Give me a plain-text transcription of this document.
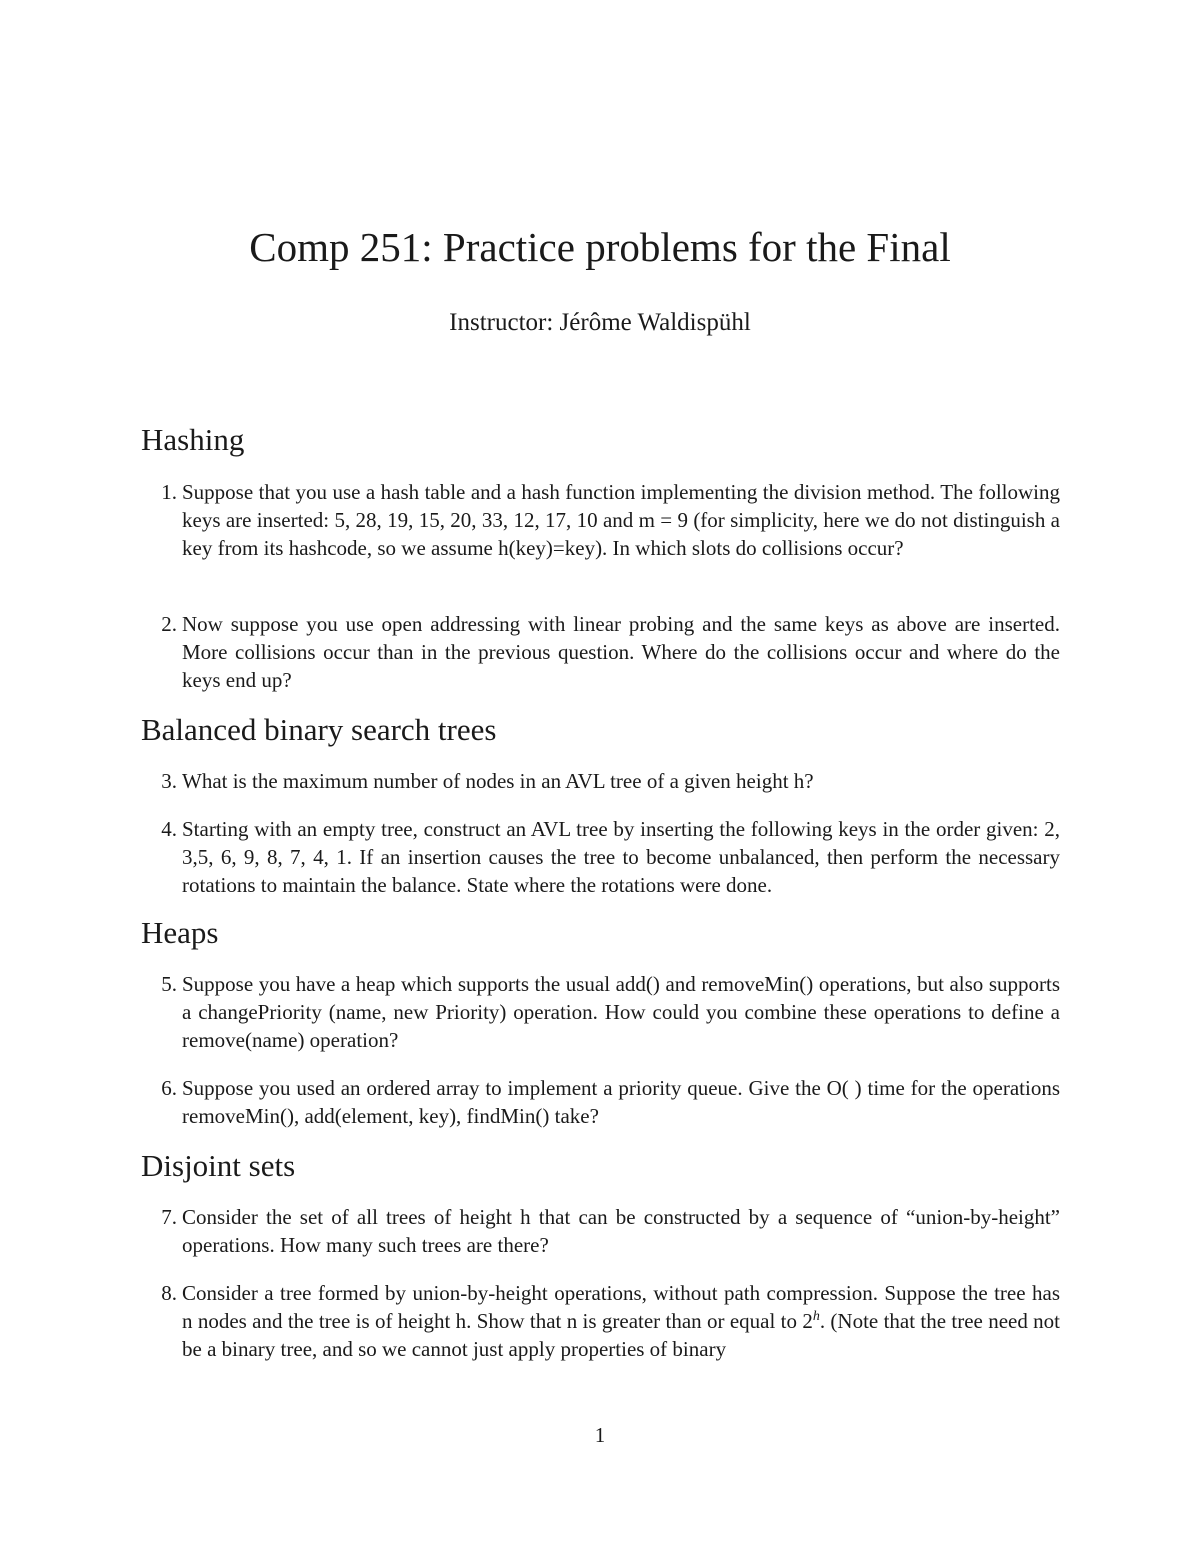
Comp 251: Practice problems for the Final
Instructor: Jérôme Waldispühl
Hashing
1. Suppose that you use a hash table and a hash function implementing the division method. The following keys are inserted: 5, 28, 19, 15, 20, 33, 12, 17, 10 and m = 9 (for simplicity, here we do not distinguish a key from its hashcode, so we assume h(key)=key). In which slots do collisions occur?
2. Now suppose you use open addressing with linear probing and the same keys as above are inserted. More collisions occur than in the previous question. Where do the collisions occur and where do the keys end up?
Balanced binary search trees
3. What is the maximum number of nodes in an AVL tree of a given height h?
4. Starting with an empty tree, construct an AVL tree by inserting the following keys in the order given: 2, 3,5, 6, 9, 8, 7, 4, 1. If an insertion causes the tree to become unbalanced, then perform the necessary rotations to maintain the balance. State where the rotations were done.
Heaps
5. Suppose you have a heap which supports the usual add() and removeMin() operations, but also supports a changePriority (name, new Priority) operation. How could you combine these operations to define a remove(name) operation?
6. Suppose you used an ordered array to implement a priority queue. Give the O( ) time for the operations removeMin(), add(element, key), findMin() take?
Disjoint sets
7. Consider the set of all trees of height h that can be constructed by a sequence of “union-by-height” operations. How many such trees are there?
8. Consider a tree formed by union-by-height operations, without path compression. Suppose the tree has n nodes and the tree is of height h. Show that n is greater than or equal to 2$^h$. (Note that the tree need not be a binary tree, and so we cannot just apply properties of binary
1
